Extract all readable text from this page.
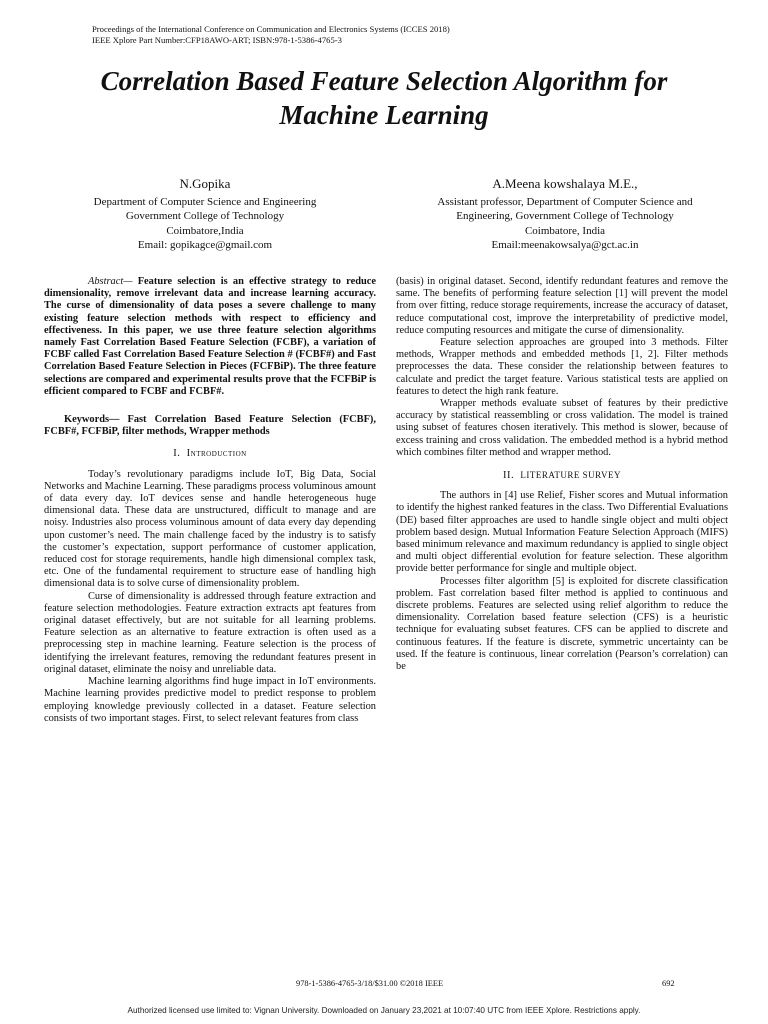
Proceedings of the International Conference on Communication and Electronics Systems (ICCES 2018)
IEEE Xplore Part Number:CFP18AWO-ART; ISBN:978-1-5386-4765-3
Correlation Based Feature Selection Algorithm for
Machine Learning
N.Gopika
Department of Computer Science and Engineering
Government College of Technology
Coimbatore,India
Email: gopikagce@gmail.com
A.Meena kowshalaya M.E.,
Assistant professor, Department of Computer Science and
Engineering, Government College of Technology
Coimbatore, India
Email:meenakowsalya@gct.ac.in

Abstract— Feature selection is an effective strategy to reduce dimensionality, remove irrelevant data and increase learning accuracy. The curse of dimensionality of data poses a severe challenge to many existing feature selection methods with respect to efficiency and effectiveness. In this paper, we use three feature selection algorithms namely Fast Correlation Based Feature Selection (FCBF), a variation of FCBF called Fast Correlation Based Feature Selection # (FCBF#) and Fast Correlation Based Feature Selection in Pieces (FCFBiP). The three feature selections are compared and experimental results prove that the FCFBiP is efficient compared to FCBF and FCBF#.

Keywords— Fast Correlation Based Feature Selection (FCBF), FCBF#, FCFBiP, filter methods, Wrapper methods

I. Introduction

Today’s revolutionary paradigms include IoT, Big Data, Social Networks and Machine Learning. These paradigms process voluminous amount of data every day. IoT devices sense and handle heterogeneous huge dimensional data. These data are unstructured, difficult to manage and are noisy. Industries also process voluminous amount of data every day depending upon customer’s need. The main challenge faced by the industry is to satisfy the customer’s expectation, support performance of customer application, reduced cost for storage requirements, handle high dimensional complex task, etc. One of the fundamental requirement to structure ease of handling high dimensional data is to solve curse of dimensionality problem.

Curse of dimensionality is addressed through feature extraction and feature selection methodologies. Feature extraction extracts apt features from original dataset effectively, but are not suitable for all learning problems. Feature selection as an alternative to feature extraction is often used as a preprocessing step in machine learning. Feature selection is the process of identifying the irrelevant features, removing the redundant features present in original dataset, eliminate the noisy and unreliable data.

Machine learning algorithms find huge impact in IoT environments. Machine learning provides predictive model to predict response to problem employing knowledge previously collected in a dataset. Feature selection consists of two important stages. First, to select relevant features from class

(basis) in original dataset. Second, identify redundant features and remove the same. The benefits of performing feature selection [1] will prevent the model from over fitting, reduce storage requirements, increase the accuracy of dataset, reduce computational cost, improve the interpretability of predictive model, reduce computing resources and mitigate the curse of dimensionality.

Feature selection approaches are grouped into 3 methods. Filter methods, Wrapper methods and embedded methods [1, 2]. Filter methods preprocesses the data. These consider the relationship between features to calculate and predict the target feature. Various statistical tests are applied on features to detect the high rank feature.

Wrapper methods evaluate subset of features by their predictive accuracy by statistical reassembling or cross validation. The model is trained using subset of features chosen iteratively. This method is slower, because of excess training and cross validation. The embedded method is a hybrid method which combines filter method and wrapper method.

II. LITERATURE SURVEY

The authors in [4] use Relief, Fisher scores and Mutual information to identify the highest ranked features in the class. Two Differential Evaluations (DE) based filter approaches are used to handle single object and multi object problem based design. Mutual Information Feature Selection Approach (MIFS) based minimum relevance and maximum redundancy is applied to single object and multi object differential evolution for feature selection. These algorithm provide better performance for single and multiple object.

Processes filter algorithm [5] is exploited for discrete classification problem. Fast correlation based filter method is applied to continuous and discrete problems. Features are selected using relief algorithm to reduce the dimensionality. Correlation based feature selection (CFS) is a heuristic technique for evaluating subset features. CFS can be applied to discrete and continuous features. If the feature is discrete, symmetric uncertainty can be used. If the feature is continuous, linear correlation (Pearson’s correlation) can be

978-1-5386-4765-3/18/$31.00 ©2018 IEEE	692
Authorized licensed use limited to: Vignan University. Downloaded on January 23,2021 at 10:07:40 UTC from IEEE Xplore. Restrictions apply.
